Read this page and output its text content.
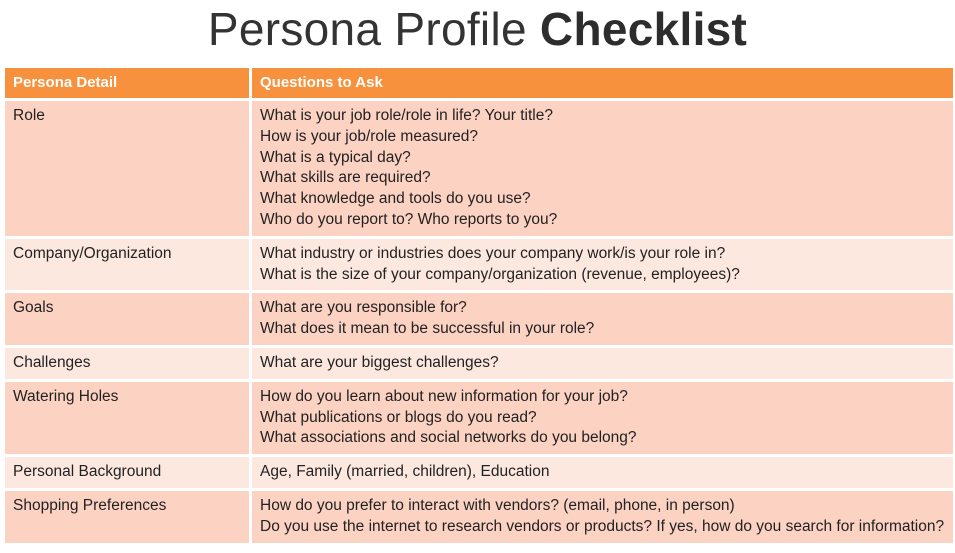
Persona Profile Checklist
Persona Detail	Questions to Ask
Role	What is your job role/role in life? Your title?
How is your job/role measured?
What is a typical day?
What skills are required?
What knowledge and tools do you use?
Who do you report to? Who reports to you?
Company/Organization	What industry or industries does your company work/is your role in?
What is the size of your company/organization (revenue, employees)?
Goals	What are you responsible for?
What does it mean to be successful in your role?
Challenges	What are your biggest challenges?
Watering Holes	How do you learn about new information for your job?
What publications or blogs do you read?
What associations and social networks do you belong?
Personal Background	Age, Family (married, children), Education
Shopping Preferences	How do you prefer to interact with vendors? (email, phone, in person)
Do you use the internet to research vendors or products? If yes, how do you search for information?
